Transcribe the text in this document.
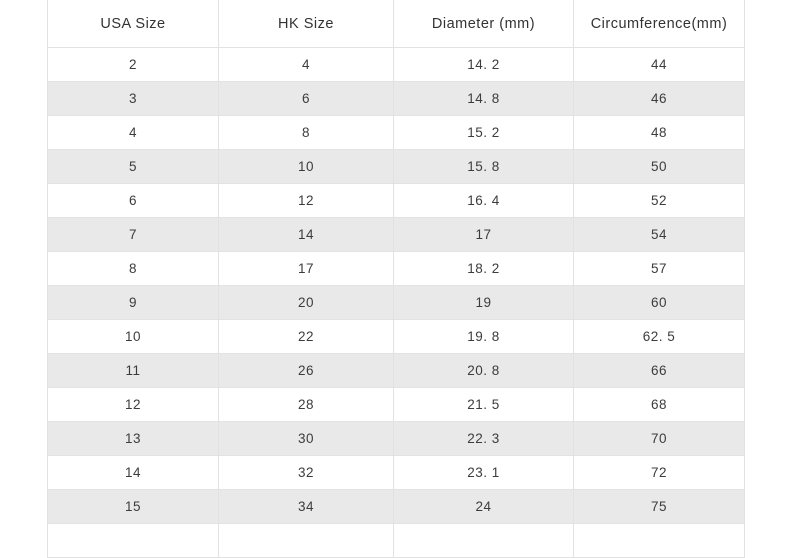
USA Size	HK Size	Diameter (mm)	Circumference(mm)
2	4	14. 2	44
3	6	14. 8	46
4	8	15. 2	48
5	10	15. 8	50
6	12	16. 4	52
7	14	17	54
8	17	18. 2	57
9	20	19	60
10	22	19. 8	62. 5
11	26	20. 8	66
12	28	21. 5	68
13	30	22. 3	70
14	32	23. 1	72
15	34	24	75
